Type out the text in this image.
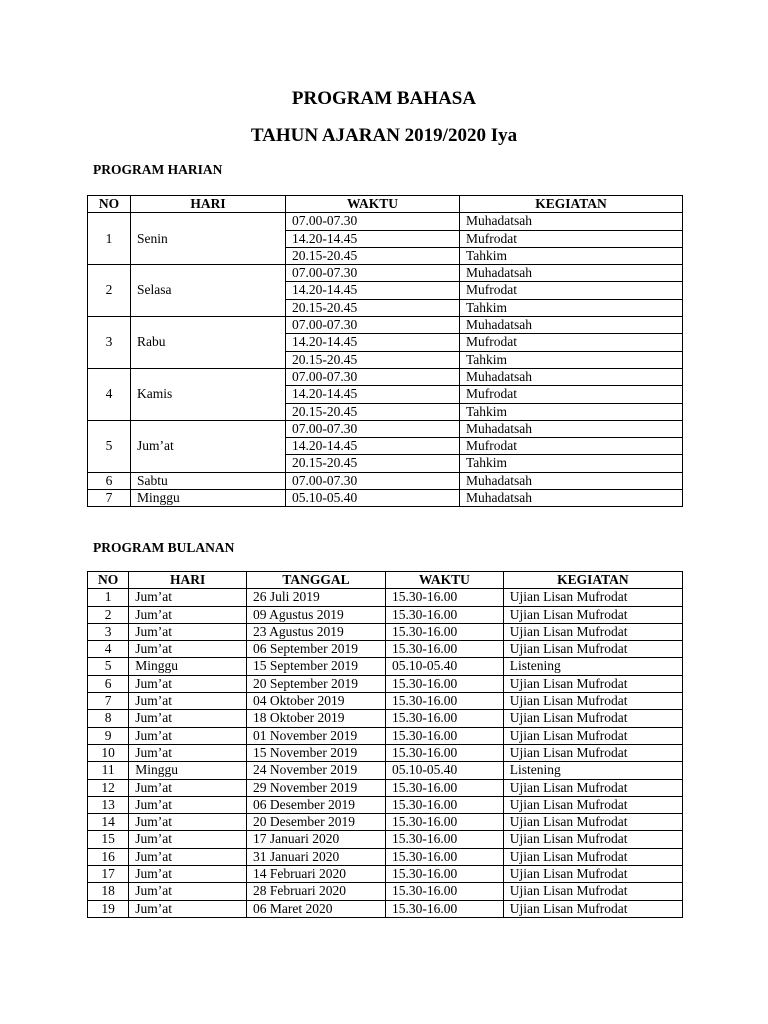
PROGRAM BAHASA
TAHUN AJARAN 2019/2020 Iya
PROGRAM HARIAN
NO	HARI	WAKTU	KEGIATAN
1	Senin	07.00-07.30	Muhadatsah
		14.20-14.45	Mufrodat
		20.15-20.45	Tahkim
2	Selasa	07.00-07.30	Muhadatsah
		14.20-14.45	Mufrodat
		20.15-20.45	Tahkim
3	Rabu	07.00-07.30	Muhadatsah
		14.20-14.45	Mufrodat
		20.15-20.45	Tahkim
4	Kamis	07.00-07.30	Muhadatsah
		14.20-14.45	Mufrodat
		20.15-20.45	Tahkim
5	Jum’at	07.00-07.30	Muhadatsah
		14.20-14.45	Mufrodat
		20.15-20.45	Tahkim
6	Sabtu	07.00-07.30	Muhadatsah
7	Minggu	05.10-05.40	Muhadatsah
PROGRAM BULANAN
NO	HARI	TANGGAL	WAKTU	KEGIATAN
1	Jum’at	26 Juli 2019	15.30-16.00	Ujian Lisan Mufrodat
2	Jum’at	09 Agustus 2019	15.30-16.00	Ujian Lisan Mufrodat
3	Jum’at	23 Agustus 2019	15.30-16.00	Ujian Lisan Mufrodat
4	Jum’at	06 September 2019	15.30-16.00	Ujian Lisan Mufrodat
5	Minggu	15 September 2019	05.10-05.40	Listening
6	Jum’at	20 September 2019	15.30-16.00	Ujian Lisan Mufrodat
7	Jum’at	04 Oktober 2019	15.30-16.00	Ujian Lisan Mufrodat
8	Jum’at	18 Oktober 2019	15.30-16.00	Ujian Lisan Mufrodat
9	Jum’at	01 November 2019	15.30-16.00	Ujian Lisan Mufrodat
10	Jum’at	15 November 2019	15.30-16.00	Ujian Lisan Mufrodat
11	Minggu	24 November 2019	05.10-05.40	Listening
12	Jum’at	29 November 2019	15.30-16.00	Ujian Lisan Mufrodat
13	Jum’at	06 Desember 2019	15.30-16.00	Ujian Lisan Mufrodat
14	Jum’at	20 Desember 2019	15.30-16.00	Ujian Lisan Mufrodat
15	Jum’at	17 Januari 2020	15.30-16.00	Ujian Lisan Mufrodat
16	Jum’at	31 Januari 2020	15.30-16.00	Ujian Lisan Mufrodat
17	Jum’at	14 Februari 2020	15.30-16.00	Ujian Lisan Mufrodat
18	Jum’at	28 Februari 2020	15.30-16.00	Ujian Lisan Mufrodat
19	Jum’at	06 Maret 2020	15.30-16.00	Ujian Lisan Mufrodat
